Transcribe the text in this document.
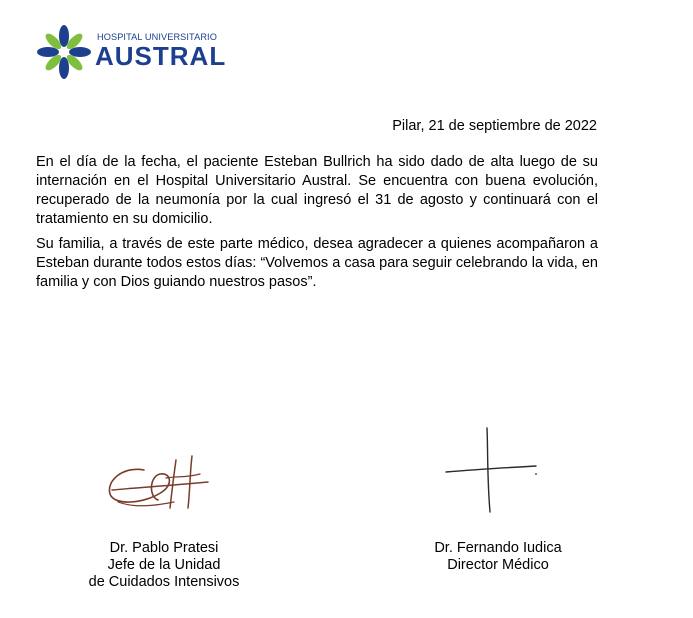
HOSPITAL UNIVERSITARIO
AUSTRAL
Pilar, 21 de septiembre de 2022

En el día de la fecha, el paciente Esteban Bullrich ha sido dado de alta luego de su internación en el Hospital Universitario Austral. Se encuentra con buena evolución, recuperado de la neumonía por la cual ingresó el 31 de agosto y continuará con el tratamiento en su domicilio.

Su familia, a través de este parte médico, desea agradecer a quienes acompañaron a Esteban durante todos estos días: “Volvemos a casa para seguir celebrando la vida, en familia y con Dios guiando nuestros pasos”.

Dr. Pablo Pratesi
Jefe de la Unidad
de Cuidados Intensivos
Dr. Fernando Iudica
Director Médico
